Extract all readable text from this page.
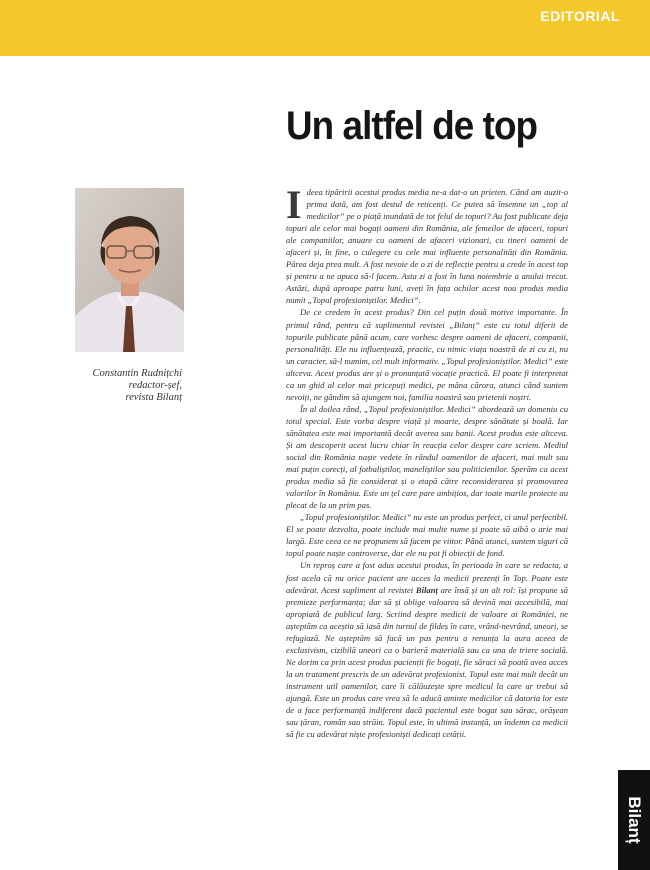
EDITORIAL
Un altfel de top
Constantin Rudnițchi
redactor-șef,
revista Bilanț

Ideea tipăririi acestui produs media ne-a dat-o un prieten. Când am auzit-o prima dată, am fost destul de reticenți. Ce putea să însemne un „top al medicilor” pe o piață inundată de tot felul de topuri? Au fost publicate deja topuri ale celor mai bogați oameni din România, ale femeilor de afaceri, topuri ale companiilor, anuare cu oameni de afaceri vizionari, cu tineri oameni de afaceri și, în fine, o culegere cu cele mai influente personalități din România. Părea deja prea mult. A fost nevoie de o zi de reflecție pentru a crede în acest top și pentru a ne apuca să-l facem. Asta zi a fost în luna noiembrie a anului trecut. Astăzi, după aproape patru luni, aveți în fața ochilor acest nou produs media numit „Topul profesioniștilor. Medici”.

De ce credem în acest produs? Din cel puțin două motive importante. În primul rând, pentru că suplimentul revistei „Bilanț” este cu totul diferit de topurile publicate până acum, care vorbesc despre oameni de afaceri, companii, personalități. Ele nu influențează, practic, cu nimic viața noastră de zi cu zi, nu un caracter, să-l numim, cel mult informativ. „Topul profesioniștilor. Medici” este altceva. Acest produs are și o pronunțată vocație practică. El poate fi interpretat ca un ghid al celor mai pricepuți medici, pe mâna cărora, atunci când suntem nevoiți, ne gândim să ajungem noi, familia noastră sau prietenii noștri.

În al doilea rând, „Topul profesioniștilor. Medici” abordează un domeniu cu totul special. Este vorba despre viață și moarte, despre sănătate și boală. Iar sănătatea este mai importantă decât averea sau banii. Acest produs este altceva. Și am descoperit acest lucru chiar în reacția celor despre care scriem. Mediul social din România naște vedete în rândul oamenilor de afaceri, mai mult sau mai puțin corecți, al fotbaliștilor, maneliștilor sau politicienilor. Sperăm ca acest produs media să fie considerat și o etapă către reconsiderarea și promovarea valorilor în România. Este un țel care pare ambițios, dar toate marile proiecte au plecat de la un prim pas.

„Topul profesioniștilor. Medici” nu este un produs perfect, ci unul perfectibil. El se poate dezvolta, poate include mai multe nume și poate să aibă o arie mai largă. Este ceea ce ne propunem să facem pe viitor. Până atunci, suntem siguri că topul poate naște controverse, dar ele nu pot fi obiecții de fond.

Un reproș care a fost adus acestui produs, în perioada în care se redacta, a fost acela că nu orice pacient are acces la medicii prezenți în Top. Poate este adevărat. Acest supliment al revistei Bilanț are însă și un alt rol: își propune să premieze performanța; dar să și oblige valoarea să devină mai accesibilă, mai apropiată de publicul larg. Scriind despre medicii de valoare ai României, ne așteptăm ca aceștia să iasă din turnul de fildeș în care, vrând-nevrând, uneori, se refugiază. Ne așteptăm să facă un pas pentru a renunța la aura aceea de exclusivism, cizibilă uneori ca o barieră materială sau ca una de triere socială. Ne dorim ca prin acest produs pacienții fie bogați, fie săraci să poată avea acces la un tratament prescris de un adevărat profesionist. Topul este mai mult decât un instrument util oamenilor, care îi călăuzește spre medicul la care ar trebui să ajungă. Este un produs care vrea să le aducă aminte medicilor că datoria lor este de a face performanță indiferent dacă pacientul este bogat sau sărac, orășean sau țăran, român sau străin. Topul este, în ultimă instanță, un îndemn ca medicii să fie cu adevărat niște profesioniști dedicați cetății.

Bilanț
